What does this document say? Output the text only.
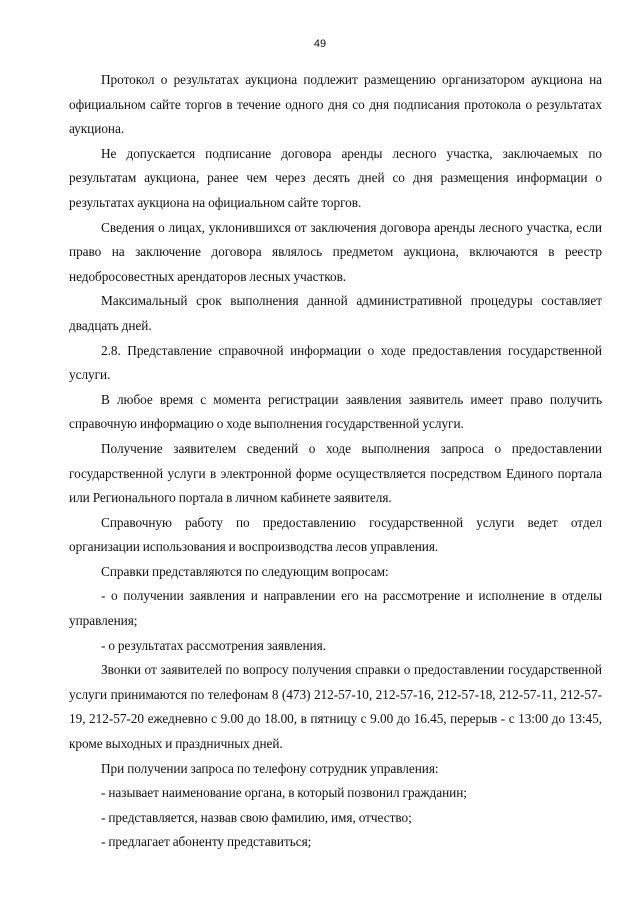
49

Протокол о результатах аукциона подлежит размещению организатором аукциона на официальном сайте торгов в течение одного дня со дня подписания протокола о результатах аукциона.

Не допускается подписание договора аренды лесного участка, заключаемых по результатам аукциона, ранее чем через десять дней со дня размещения информации о результатах аукциона на официальном сайте торгов.

Сведения о лицах, уклонившихся от заключения договора аренды лесного участка, если право на заключение договора являлось предметом аукциона, включаются в реестр недобросовестных арендаторов лесных участков.

Максимальный срок выполнения данной административной процедуры составляет двадцать дней.

2.8. Представление справочной информации о ходе предоставления государственной услуги.

В любое время с момента регистрации заявления заявитель имеет право получить справочную информацию о ходе выполнения государственной услуги.

Получение заявителем сведений о ходе выполнения запроса о предоставлении государственной услуги в электронной форме осуществляется посредством Единого портала или Регионального портала в личном кабинете заявителя.

Справочную работу по предоставлению государственной услуги ведет отдел организации использования и воспроизводства лесов управления.

Справки представляются по следующим вопросам:

- о получении заявления и направлении его на рассмотрение и исполнение в отделы управления;

- о результатах рассмотрения заявления.

Звонки от заявителей по вопросу получения справки о предоставлении государственной услуги принимаются по телефонам 8 (473) 212-57-10, 212-57-16, 212-57-18, 212-57-11, 212-57-19, 212-57-20 ежедневно с 9.00 до 18.00, в пятницу с 9.00 до 16.45, перерыв - с 13:00 до 13:45, кроме выходных и праздничных дней.

При получении запроса по телефону сотрудник управления:

- называет наименование органа, в который позвонил гражданин;

- представляется, назвав свою фамилию, имя, отчество;

- предлагает абоненту представиться;
